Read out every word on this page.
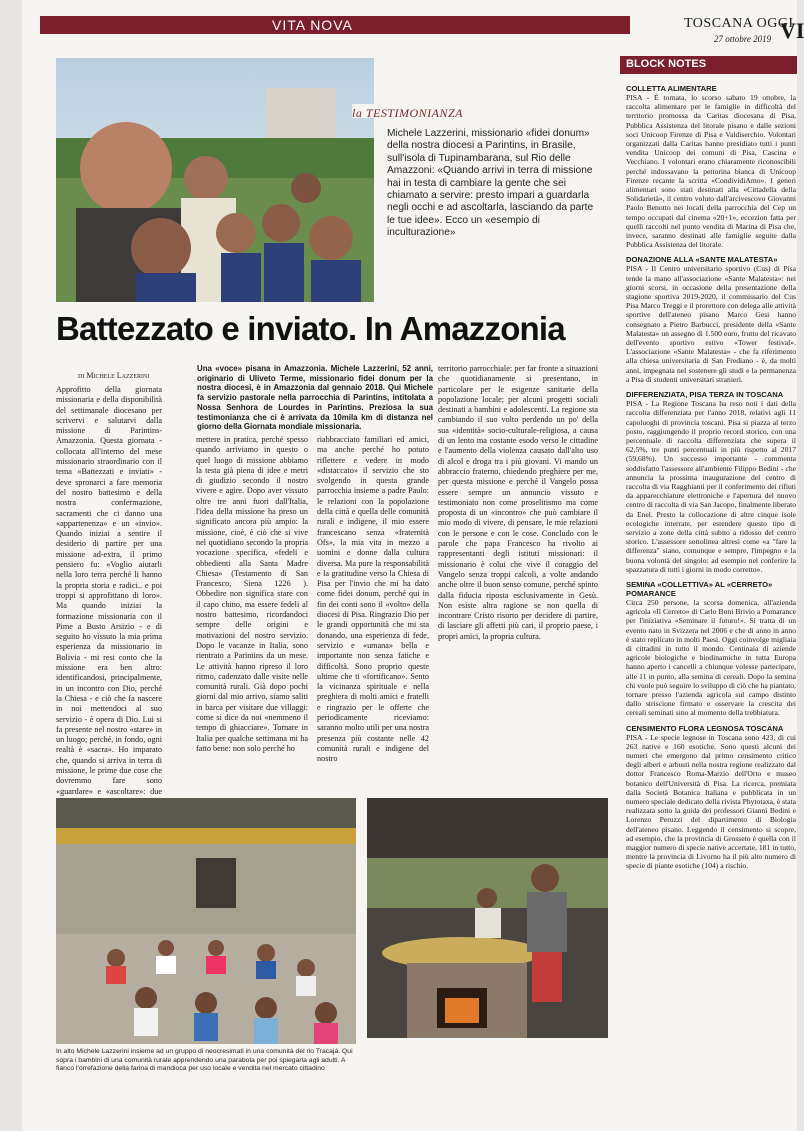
VITA NOVA	TOSCANA OGGI
27 ottobre 2019 VI
la TESTIMONIANZA
Michele Lazzerini, missionario «fidei donum» della nostra diocesi a Parintins, in Brasile, sull'isola di Tupinambarana, sul Rio delle Amazzoni: «Quando arrivi in terra di missione hai in testa di cambiare la gente che sei chiamato a servire: presto impari a guardarla negli occhi e ad ascoltarla, lasciando da parte le tue idee». Ecco un «esempio di inculturazione»
Battezzato e inviato. In Amazzonia
di Michele Lazzerini
Una «voce» pisana in Amazzonia. Michele Lazzerini, 52 anni, originario di Uliveto Terme, missionario fidei donum per la nostra diocesi, è in Amazzonia dal gennaio 2018. Qui Michele fa servizio pastorale nella parrocchia di Parintins, intitolata a Nossa Senhora de Lourdes in Parintins. Preziosa la sua testimonianza che ci è arrivata da 10mila km di distanza nel giorno della Giornata mondiale missionaria.
Approfitto della giornata missionaria e della disponibilità del settimanale diocesano per scrivervi e salutarvi dalla missione di Parintins-Amazzonia. Questa giornata - collocata all'interno del mese missionario straordinario con il tema «Battezzati e inviati» - deve spronarci a fare memoria del nostro battesimo e della nostra confermazione, sacramenti che ci danno una «appartenenza» e un «invio». Quando iniziai a sentire il desiderio di partire per una missione ad-extra, il primo pensiero fu: «Voglio aiutarli nella loro terra perché li hanno la propria storia e radici.. e poi troppi si approfittano di loro». Ma quando iniziai la formazione missionaria con il Pime a Busto Arsizio - e di seguito ho vissuto la mia prima esperienza da missionario in Bolivia - mi resi conto che la missione era ben altro: identificandosi, principalmente, in un incontro con Dio, perché la Chiesa - e ciò che fa nascere in noi mettendoci al suo servizio - è opera di Dio. Lui si fa presente nel nostro «stare» in un luogo; perché, in fondo, ogni realtà è «sacra». Ho imparato che, quando si arriva in terra di missione, le prime due cose che dovremmo fare sono «guardare» e «ascoltare»: due
mettere in pratica, perché spesso quando arriviamo in questo o quel luogo di missione abbiamo la testa già piena di idee e metri di giudizio secondo il nostro vivere e agire. Dopo aver vissuto oltre tre anni fuori dall'Italia, l'idea della missione ha preso un significato ancora più ampio: la missione, cioè, è ciò che si vive nel quotidiano secondo la propria vocazione specifica, «fedeli e obbedienti alla Santa Madre Chiesa» (Testamento di San Francesco, Siena 1226 ). Obbedire non significa stare con il capo chino, ma essere fedeli al nostro battesimo, ricordandoci sempre delle origini e motivazioni del nostro servizio. Dopo le vacanze in Italia, sono rientrato a Parintins da un mese. Le attività hanno ripreso il loro ritmo, cadenzato dalle visite nelle comunità rurali. Già dopo pochi giorni dal mio arrivo, siamo saliti in barca per visitare due villaggi: come si dice da noi «nemmeno il tempo di ghiacciare». Tornare in Italia per qualche settimana mi ha fatto bene: non solo perché ho
riabbracciato familiari ed amici, ma anche perché ho potuto riflettere e vedere in modo «distaccato» il servizio che sto svolgendo in questa grande parrocchia insieme a padre Paulo: le relazioni con la popolazione della città e quella delle comunità rurali e indigene, il mio essere francescano senza «fraternità Ofs», la mia vita in mezzo a uomini e donne dalla cultura diversa. Ma pure la responsabilità e la gratitudine verso la Chiesa di Pisa per l'invio che mi ha dato come fidei donum, perché qui in fin dei conti sono il «volto» della diocesi di Pisa. Ringrazio Dio per le grandi opportunità che mi sta donando, una esperienza di fede, servizio e «umana» bella e importante non senza fatiche e difficoltà. Sono proprio queste ultime che ti «fortificano». Sento la vicinanza spirituale e nella preghiera di molti amici e fratelli e ringrazio per le offerte che periodicamente riceviamo: saranno molto utili per una nostra presenza più costante nelle 42 comunità rurali e indigene del nostro
territorio parrocchiale: per far fronte a situazioni che quotidianamente si presentano, in particolare per le esigenze sanitarie della popolazione locale; per alcuni progetti sociali destinati a bambini e adolescenti. La regione sta cambiando il suo volto perdendo un po' della sua «identità» socio-culturale-religiosa, a causa di un lento ma costante esodo verso le cittadine e l'aumento della violenza causato dall'alto uso di alcol e droga tra i più giovani. Vi mando un abbraccio fraterno, chiedendo preghiere per me, per questa missione e perché il Vangelo possa essere sempre un annuncio vissuto e testimoniato non come proselitismo ma come proposta di un «incontro» che può cambiare il mio modo di vivere, di pensare, le mie relazioni con le persone e con le cose. Concludo con le parole che papa Francesco ha rivolto ai rappresentanti degli istituti missionari: il missionario è colui che vive il coraggio del Vangelo senza troppi calcoli, a volte andando anche oltre il buon senso comune, perché spinto dalla fiducia riposta esclusivamente in Gesù. Non esiste altra ragione se non quella di incontrare Cristo risorto per decidere di partire, di lasciare gli affetti più cari, il proprio paese, i propri amici, la propria cultura.
In alto Michele Lazzerini insieme ad un gruppo di neocresimati in una comunità del rio Tracajá. Qui sopra i bambini di una comunità rurale apprendendo una parabola per poi spiegarla agli adulti. A fianco l'orrefazione della farina di mandioca per uso locale e vendita nel mercato cittadino
BLOCK NOTES
COLLETTA ALIMENTARE
PISA - È tornata, lo scorso sabato 19 ottobre, la raccolta alimentare per le famiglie in difficoltà del territorio promossa da Caritas diocesana di Pisa, Pubblica Assistenza del litorale pisano e dalle sezioni soci Unicoop Firenze di Pisa e Valdiserchio. Volontari organizzati dalla Caritas hanno presidiato tutti i punti vendita Unicoop dei comuni di Pisa, Cascina e Vecchiano. I volontari erano chiaramente riconoscibili perché indossavano la pettorina bianca di Unicoop Firenze recante la scritta «CondividiAmo». I generi alimentari sono stati destinati alla «Cittadella della Solidarietà», il centro voluto dall'arcivescovo Giovanni Paolo Benotto nei locali della parrocchia del Cep un tempo occupati dal cinema «20+1», eccezion fatta per quelli raccolti nel punto vendita di Marina di Pisa che, invece, saranno destinati alle famiglie seguite dalla Pubblica Assistenza del litorale.
DONAZIONE ALLA «SANTE MALATESTA»
PISA - Il Centro universitario sportivo (Cus) di Pisa tende la mano all'associazione «Sante Malatesta»: nei giorni scorsi, in occasione della presentazione della stagione sportiva 2019-2020, il commissario del Cus Pisa Marco Treggi e il prorettore con delega alle attività sportive dell'ateneo pisano Marco Gesi hanno consegnato a Pietro Barbucci, presidente della «Sante Malatesta» un assegno di 1.500 euro, frutto del ricavato dell'evento sportivo estivo «Tower festival». L'associazione «Sante Malatesta» - che fa riferimento alla chiesa universitaria di San Frediano - è, da molti anni, impegnata nel sostenere gli studi e la permanenza a Pisa di studenti universitari stranieri.
DIFFERENZIATA, PISA TERZA IN TOSCANA
PISA - La Regione Toscana ha reso noti i dati della raccolta differenziata per l'anno 2018, relativi agli 11 capoluoghi di provincia toscani. Pisa si piazza al terzo posto, raggiungendo il proprio record storico, con una percentuale di raccolta differenziata che supera il 62,5%, tre punti percentuali in più rispetto al 2017 (59,68%). Un successo importante - commenta soddisfatto l'assessore all'ambiente Filippo Bedini - che annuncia la prossima inaugurazione del centro di raccolta di via Ragghianti per il conferimento dei rifiuti da apparecchiature elettroniche e l'apertura del nuovo centro di raccolta di via San Jacopo, finalmente liberato da Enel. Presto la collocazione di altre cinque isole ecologiche interrate, per estendere questo tipo di servizio a zone della città subito a ridosso del centro storico. L'assessore sottolinea altresì come «a "fare la differenza" siano, comunque e sempre, l'impegno e la buona volontà del singolo: ad esempio nel conferire la spazzatura di tutti i giorni in modo corretto».
SEMINA «COLLETTIVA» AL «CERRETO» POMARANCE
Circa 250 persone, la scorsa domenica, all'azienda agricola «Il Cerreto» di Carlo Boni Brivio a Pomarance per l'iniziativa «Seminare il futuro!». Si tratta di un evento nato in Svizzera nel 2006 e che di anno in anno è stato replicato in molti Paesi. Oggi coinvolge migliaia di cittadini in tutto il mondo. Centinaia di aziende agricole biologiche e biodinamiche in tutta Europa hanno aperto i cancelli a chiunque volesse partecipare, alle 11 in punto, alla semina di cereali. Dopo la semina chi vuole può seguire lo sviluppo di ciò che ha piantato, tornare presso l'azienda agricola sul campo distinto dallo striscione firmato e osservare la crescita dei cereali seminati sino al momento della trebbiatura.
CENSIMENTO FLORA LEGNOSA TOSCANA
PISA - Le specie legnose in Toscana sono 423, di cui 263 native e 160 esotiche. Sono questi alcuni dei numeri che emergono dal primo censimento critico degli alberi e arbusti nella nostra regione realizzato dal dottor Francesco Roma-Marzio dell'Orto e museo botanico dell'Università di Pisa. La ricerca, premiata dalla Società Botanica Italiana e pubblicata in un numero speciale dedicato della rivista Phytotaxa, è stata realizzata sotto la guida dei professori Gianni Bedini e Lorenzo Peruzzi del dipartimento di Biologia dell'ateneo pisano. Leggendo il censimento si scopre, ad esempio, che la provincia di Grosseto è quella con il maggior numero di specie native accertate, 181 in tutto, mentre la provincia di Livorno ha il più alto numero di specie di piante esotiche (104) a rischio.
